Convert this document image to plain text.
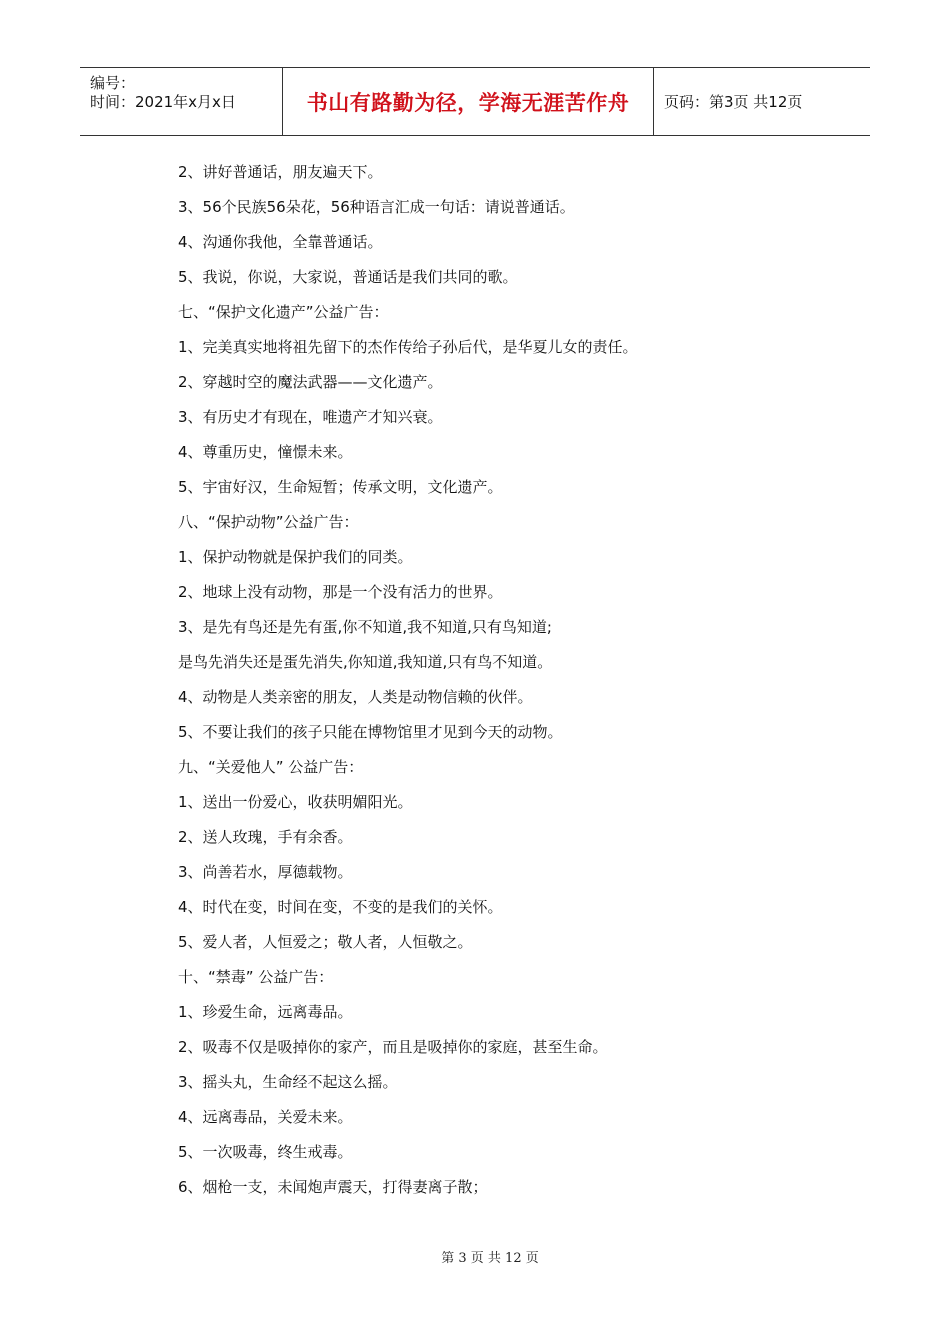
编号：
时间：2021年x月x日	书山有路勤为径，学海无涯苦作舟	页码：第3页 共12页
2、讲好普通话，朋友遍天下。
3、56个民族56朵花，56种语言汇成一句话：请说普通话。
4、沟通你我他，全靠普通话。
5、我说，你说，大家说，普通话是我们共同的歌。
七、“保护文化遗产”公益广告：
1、完美真实地将祖先留下的杰作传给子孙后代，是华夏儿女的责任。
2、穿越时空的魔法武器——文化遗产。
3、有历史才有现在，唯遗产才知兴衰。
4、尊重历史，憧憬未来。
5、宇宙好汉，生命短暂；传承文明，文化遗产。
八、“保护动物”公益广告：
1、保护动物就是保护我们的同类。
2、地球上没有动物，那是一个没有活力的世界。
3、是先有鸟还是先有蛋,你不知道,我不知道,只有鸟知道;
是鸟先消失还是蛋先消失,你知道,我知道,只有鸟不知道。
4、动物是人类亲密的朋友，人类是动物信赖的伙伴。
5、不要让我们的孩子只能在博物馆里才见到今天的动物。
九、“关爱他人” 公益广告：
1、送出一份爱心，收获明媚阳光。
2、送人玫瑰，手有余香。
3、尚善若水，厚德载物。
4、时代在变，时间在变，不变的是我们的关怀。
5、爱人者，人恒爱之；敬人者，人恒敬之。
十、“禁毒” 公益广告：
1、珍爱生命，远离毒品。
2、吸毒不仅是吸掉你的家产，而且是吸掉你的家庭，甚至生命。
3、摇头丸，生命经不起这么摇。
4、远离毒品，关爱未来。
5、一次吸毒，终生戒毒。
6、烟枪一支，未闻炮声震天，打得妻离子散；
第 3 页 共 12 页
